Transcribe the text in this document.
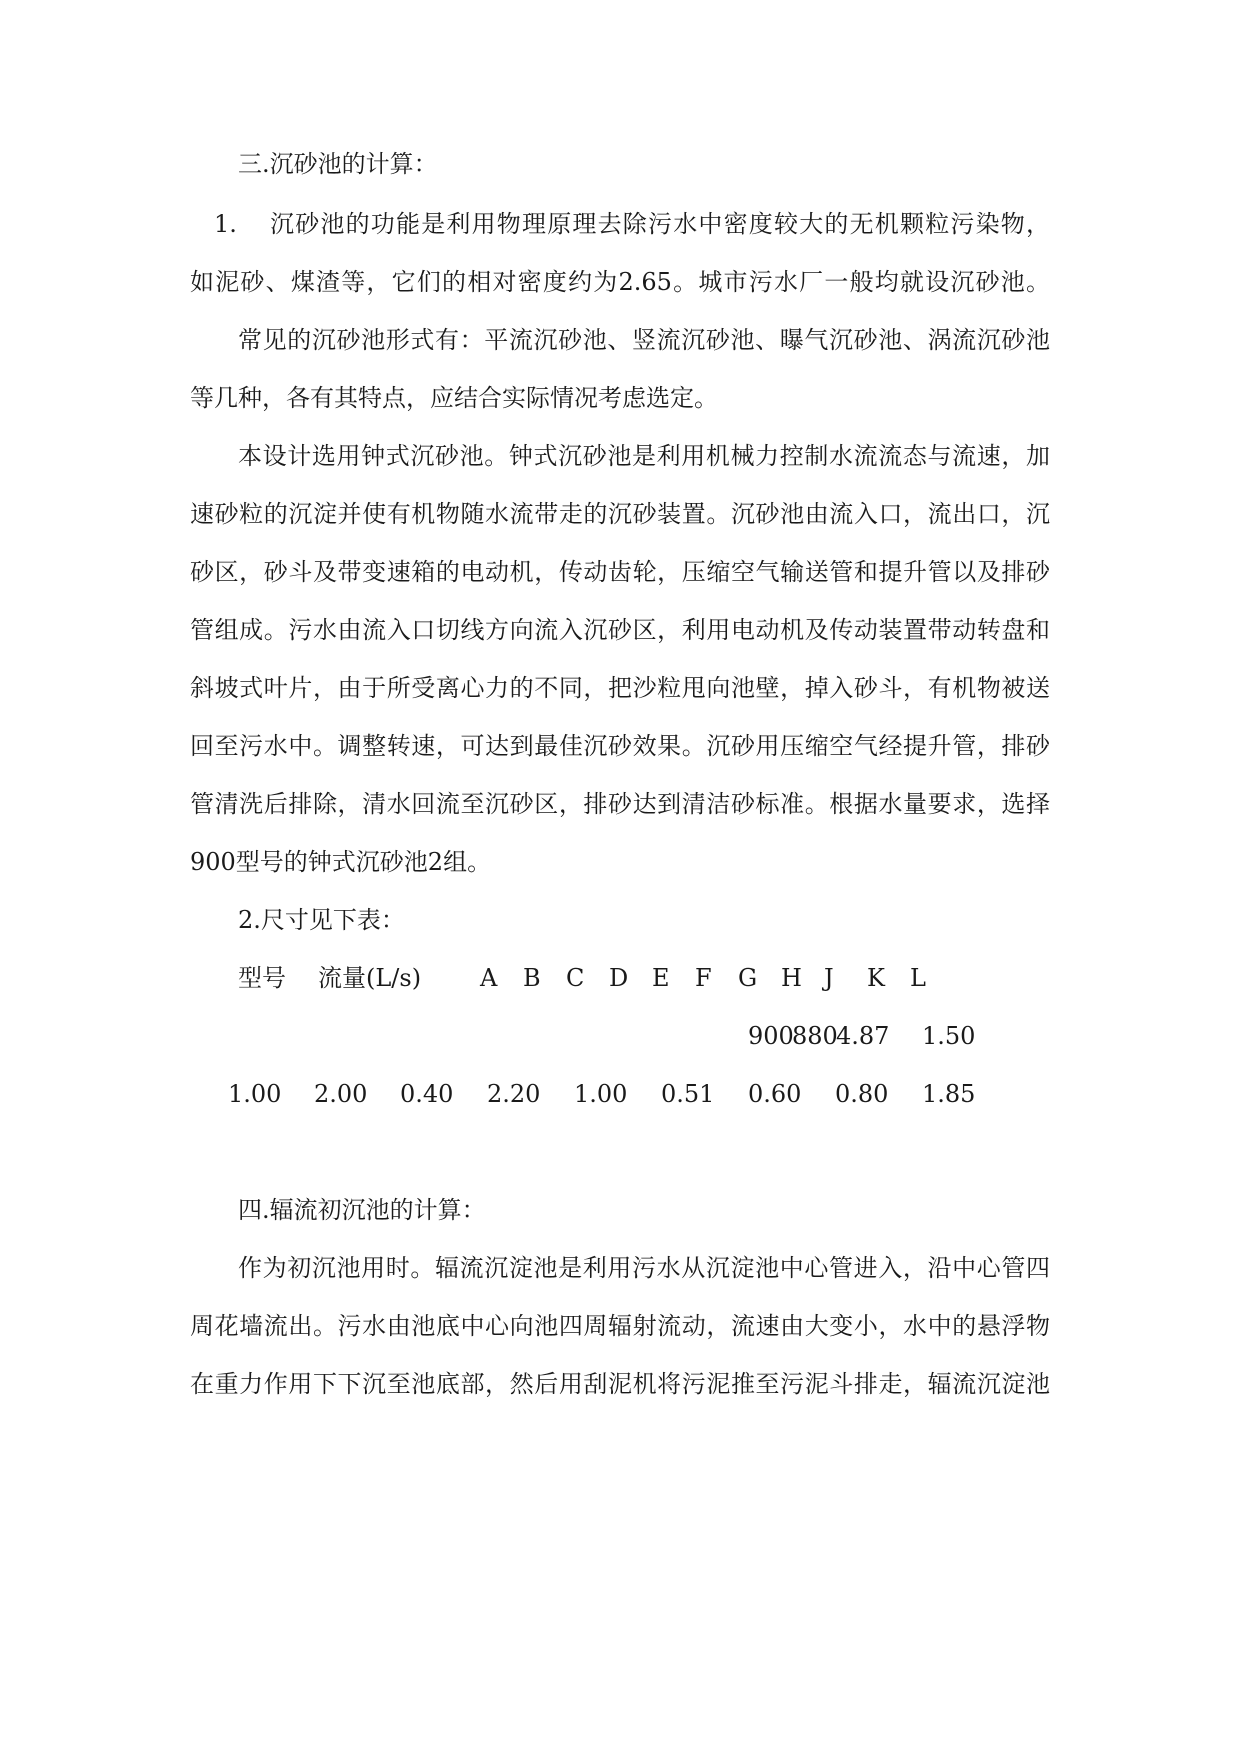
三.沉砂池的计算：
1. 沉砂池的功能是利用物理原理去除污水中密度较大的无机颗粒污染物，
如泥砂、煤渣等，它们的相对密度约为2.65。城市污水厂一般均就设沉砂池。
常见的沉砂池形式有：平流沉砂池、竖流沉砂池、曝气沉砂池、涡流沉砂池
等几种，各有其特点，应结合实际情况考虑选定。
本设计选用钟式沉砂池。钟式沉砂池是利用机械力控制水流流态与流速，加
速砂粒的沉淀并使有机物随水流带走的沉砂装置。沉砂池由流入口，流出口，沉
砂区，砂斗及带变速箱的电动机，传动齿轮，压缩空气输送管和提升管以及排砂
管组成。污水由流入口切线方向流入沉砂区，利用电动机及传动装置带动转盘和
斜坡式叶片，由于所受离心力的不同，把沙粒甩向池壁，掉入砂斗，有机物被送
回至污水中。调整转速，可达到最佳沉砂效果。沉砂用压缩空气经提升管，排砂
管清洗后排除，清水回流至沉砂区，排砂达到清洁砂标准。根据水量要求，选择
900型号的钟式沉砂池2组。
2.尺寸见下表：
型号 流量(L/s) A B C D E F G H J K L
900
880
4.87 1.50
1.00 2.00 0.40 2.20 1.00 0.51 0.60 0.80 1.85
四.辐流初沉池的计算：
作为初沉池用时。辐流沉淀池是利用污水从沉淀池中心管进入，沿中心管四
周花墙流出。污水由池底中心向池四周辐射流动，流速由大变小，水中的悬浮物
在重力作用下下沉至池底部，然后用刮泥机将污泥推至污泥斗排走，辐流沉淀池
